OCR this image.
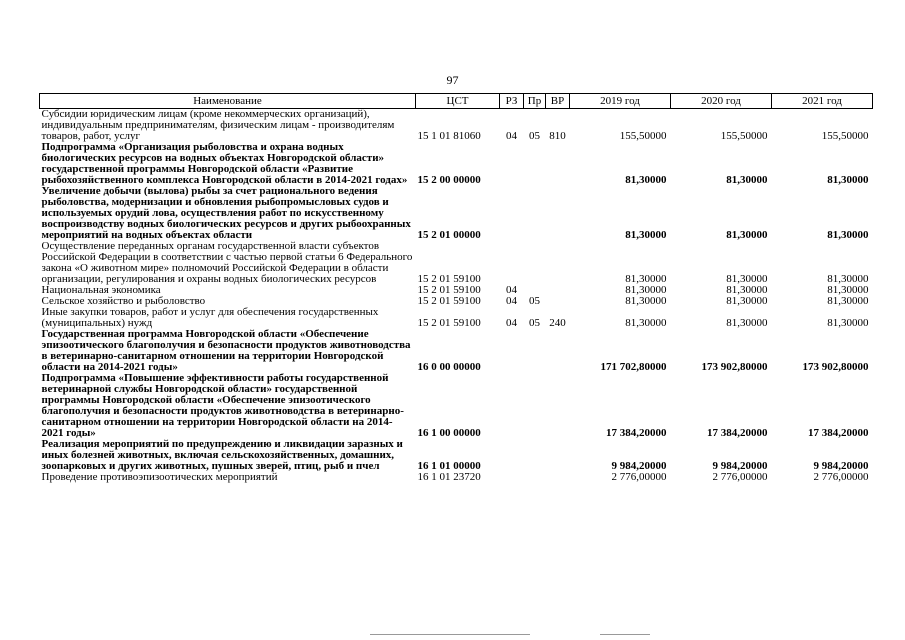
97
Наименование	ЦСТ	РЗ	Пр	ВР	2019 год	2020 год	2021 год
Субсидии юридическим лицам (кроме некоммерческих организаций), индивидуальным предпринимателям, физическим лицам - производителям товаров, работ, услуг	15 1 01 81060	04	05	810	155,50000	155,50000	155,50000
Подпрограмма «Организация рыболовства и охрана водных биологических ресурсов на водных объектах Новгородской области» государственной программы Новгородской области «Развитие рыбохозяйственного комплекса Новгородской области в 2014-2021 годах»	15 2 00 00000				81,30000	81,30000	81,30000
Увеличение добычи (вылова) рыбы за счет рационального ведения рыболовства, модернизации и обновления рыбопромысловых судов и используемых орудий лова, осуществления работ по искусственному воспроизводству водных биологических ресурсов и других рыбоохранных мероприятий на водных объектах области	15 2 01 00000				81,30000	81,30000	81,30000
Осуществление переданных органам государственной власти субъектов Российской Федерации в соответствии с частью первой статьи 6 Федерального закона «О животном мире» полномочий Российской Федерации в области организации, регулирования и охраны водных биологических ресурсов	15 2 01 59100				81,30000	81,30000	81,30000
Национальная экономика	15 2 01 59100	04			81,30000	81,30000	81,30000
Сельское хозяйство и рыболовство	15 2 01 59100	04	05		81,30000	81,30000	81,30000
Иные закупки товаров, работ и услуг для обеспечения государственных (муниципальных) нужд	15 2 01 59100	04	05	240	81,30000	81,30000	81,30000
Государственная программа Новгородской области «Обеспечение эпизоотического благополучия и безопасности продуктов животноводства в ветеринарно-санитарном отношении на территории Новгородской области на 2014-2021 годы»	16 0 00 00000				171 702,80000	173 902,80000	173 902,80000
Подпрограмма «Повышение эффективности работы государственной ветеринарной службы Новгородской области» государственной программы Новгородской области «Обеспечение эпизоотического благополучия и безопасности продуктов животноводства в ветеринарно-санитарном отношении на территории Новгородской области на 2014-2021 годы»	16 1 00 00000				17 384,20000	17 384,20000	17 384,20000
Реализация мероприятий по предупреждению и ликвидации заразных и иных болезней животных, включая сельскохозяйственных, домашних, зоопарковых и других животных, пушных зверей, птиц, рыб и пчел	16 1 01 00000				9 984,20000	9 984,20000	9 984,20000
Проведение противоэпизоотических мероприятий	16 1 01 23720				2 776,00000	2 776,00000	2 776,00000
